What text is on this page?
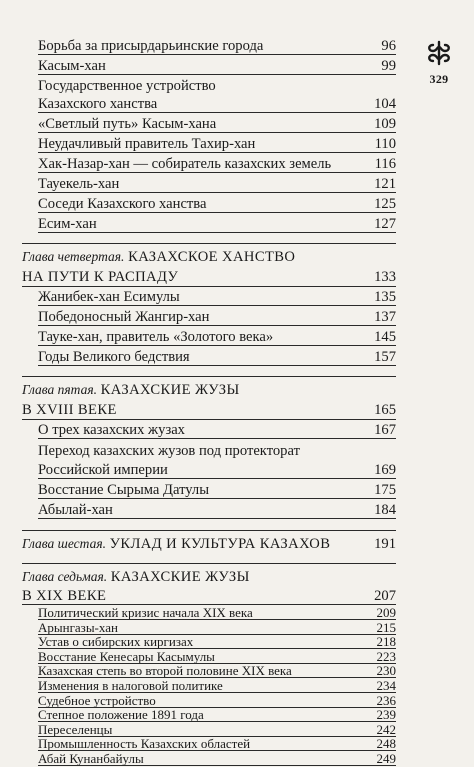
329
Борьба за присырдарьинские города	96
Касым-хан	99
Государственное устройство
Казахского ханства	104
«Светлый путь» Касым-хана	109
Неудачливый правитель Тахир-хан	110
Хак-Назар-хан — собиратель казахских земель	116
Тауекель-хан	121
Соседи Казахского ханства	125
Есим-хан	127
Глава четвертая. КАЗАХСКОЕ ХАНСТВО
НА ПУТИ К РАСПАДУ	133
Жанибек-хан Есимулы	135
Победоносный Жангир-хан	137
Тауке-хан, правитель «Золотого века»	145
Годы Великого бедствия	157
Глава пятая. КАЗАХСКИЕ ЖУЗЫ
В XVIII ВЕКЕ	165
О трех казахских жузах	167
Переход казахских жузов под протекторат
Российской империи	169
Восстание Сырыма Датулы	175
Абылай-хан	184
Глава шестая. УКЛАД И КУЛЬТУРА КАЗАХОВ	191
Глава седьмая. КАЗАХСКИЕ ЖУЗЫ
В XIX ВЕКЕ	207
Политический кризис начала XIX века	209
Арынгазы-хан	215
Устав о сибирских киргизах	218
Восстание Кенесары Касымулы	223
Казахская степь во второй половине XIX века	230
Изменения в налоговой политике	234
Судебное устройство	236
Степное положение 1891 года	239
Переселенцы	242
Промышленность Казахских областей	248
Абай Кунанбайулы	249
